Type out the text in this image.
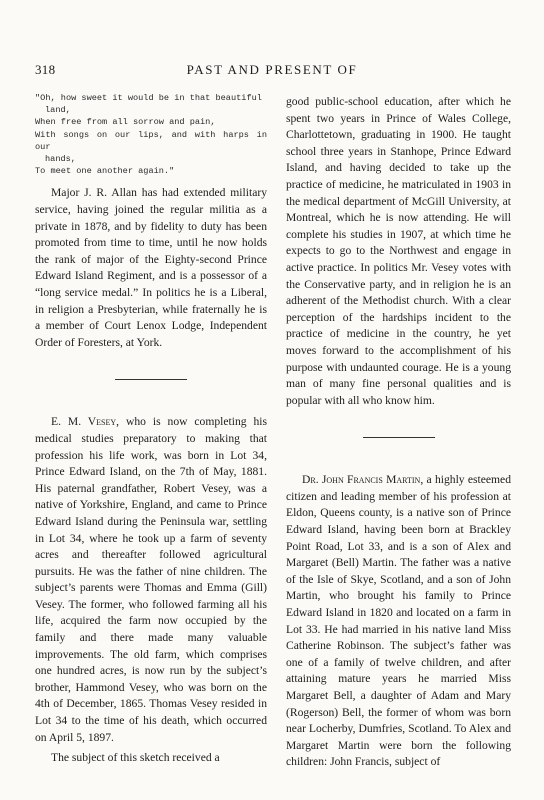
318	PAST AND PRESENT OF
"Oh, how sweet it would be in that beautiful
land,
When free from all sorrow and pain,
With songs on our lips, and with harps in our
hands,
To meet one another again."

Major J. R. Allan has had extended military service, having joined the regular militia as a private in 1878, and by fidelity to duty has been promoted from time to time, until he now holds the rank of major of the Eighty-second Prince Edward Island Regiment, and is a possessor of a “long service medal.” In politics he is a Liberal, in religion a Presbyterian, while fraternally he is a member of Court Lenox Lodge, Independent Order of Foresters, at York.

E. M. Vesey, who is now completing his medical studies preparatory to making that profession his life work, was born in Lot 34, Prince Edward Island, on the 7th of May, 1881. His paternal grandfather, Robert Vesey, was a native of Yorkshire, England, and came to Prince Edward Island during the Peninsula war, settling in Lot 34, where he took up a farm of seventy acres and thereafter followed agricultural pursuits. He was the father of nine children. The subject’s parents were Thomas and Emma (Gill) Vesey. The former, who followed farming all his life, acquired the farm now occupied by the family and there made many valuable improvements. The old farm, which comprises one hundred acres, is now run by the subject’s brother, Hammond Vesey, who was born on the 4th of December, 1865. Thomas Vesey resided in Lot 34 to the time of his death, which occurred on April 5, 1897.

The subject of this sketch received a

good public-school education, after which he spent two years in Prince of Wales College, Charlottetown, graduating in 1900. He taught school three years in Stanhope, Prince Edward Island, and having decided to take up the practice of medicine, he matriculated in 1903 in the medical department of McGill University, at Montreal, which he is now attending. He will complete his studies in 1907, at which time he expects to go to the Northwest and engage in active practice. In politics Mr. Vesey votes with the Conservative party, and in religion he is an adherent of the Methodist church. With a clear perception of the hardships incident to the practice of medicine in the country, he yet moves forward to the accomplishment of his purpose with undaunted courage. He is a young man of many fine personal qualities and is popular with all who know him.

Dr. John Francis Martin, a highly esteemed citizen and leading member of his profession at Eldon, Queens county, is a native son of Prince Edward Island, having been born at Brackley Point Road, Lot 33, and is a son of Alex and Margaret (Bell) Martin. The father was a native of the Isle of Skye, Scotland, and a son of John Martin, who brought his family to Prince Edward Island in 1820 and located on a farm in Lot 33. He had married in his native land Miss Catherine Robinson. The subject’s father was one of a family of twelve children, and after attaining mature years he married Miss Margaret Bell, a daughter of Adam and Mary (Rogerson) Bell, the former of whom was born near Locherby, Dumfries, Scotland. To Alex and Margaret Martin were born the following children: John Francis, subject of
